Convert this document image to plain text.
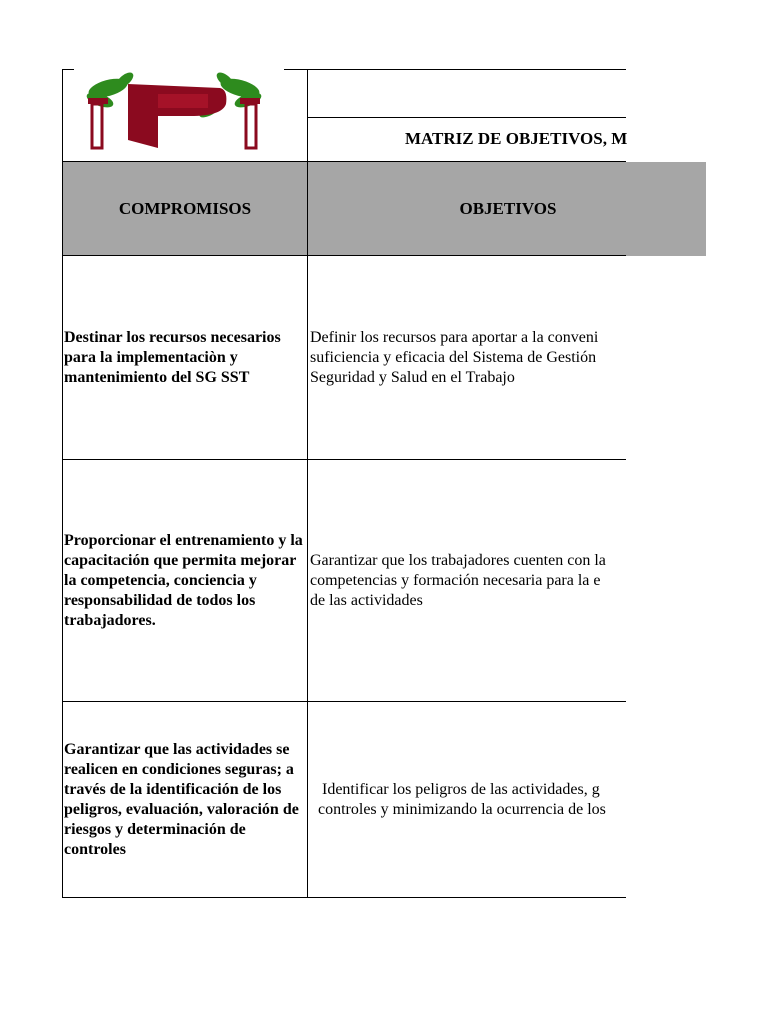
MATRIZ DE OBJETIVOS, M
COMPROMISOS	OBJETIVOS
Destinar los recursos necesarios para la implementaciòn y mantenimiento del SG SST
Definir los recursos para aportar a la conveni
suficiencia y eficacia del Sistema de Gestión
Seguridad y Salud en el Trabajo
Proporcionar el entrenamiento y la capacitación que permita mejorar la competencia, conciencia y responsabilidad de todos los trabajadores.
Garantizar que los trabajadores cuenten con la
competencias y formación necesaria para la e
de las actividades
Garantizar que las actividades se realicen en condiciones seguras; a través de la identificación de los peligros, evaluación, valoración de riesgos y determinación de controles
Identificar los peligros de las actividades, g
controles y minimizando la ocurrencia de los
